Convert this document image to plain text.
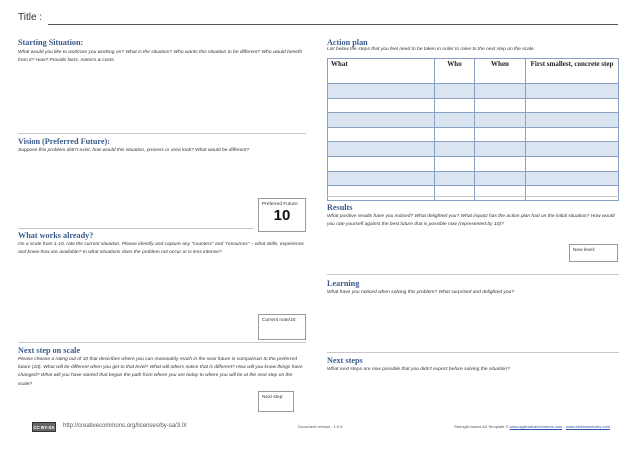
Title :
Starting Situation:
What would you like to work/are you working on? What is the situation? Who wants this situation to be different? Who would benefit from it? How? Provide facts, metrics & costs.
Vision (Preferred Future):
Suppose this problem didn't exist, how would this situation, process or area look? What would be different?
Preferred Future:
10
What works already?
On a scale from 1-10, rate the current situation. Please identify and capture any "counters" and "resources" – what skills, experience and know-how are available? In what situations does the problem not occur or is less intense?
Current note/10:
Next step on scale
Please choose a rating out of 10 that describes where you can reasonably reach in the near future in comparison to the preferred future (10). What will be different when you get to that level? What will others notice that is different? How will you know things have changed? What will you have started that began the path from where you are today to where you will be at the next step on the scale?
Next step:
Action plan
List below the steps that you feel need to be taken in order to raise to the next step on the scale.
What	Who	When	First smallest, concrete step

Results
What positive results have you noticed? What delighted you? What impact has the action plan had on the initial situation? How would you rate yourself against the best future that is possible now (represented by 10)?
New level:
Learning
What have you noticed when solving this problem? What surprised and delighted you?
Next steps
What next steps are now possible that you didn't expect before solving the situation?
CC BY-SA http://creativecommons.org/licenses/by-sa/3.0/	Document version : 1.0 fr	Strength-based A3 Template © www.agileadvancements.com - www.ebisinventures.com
